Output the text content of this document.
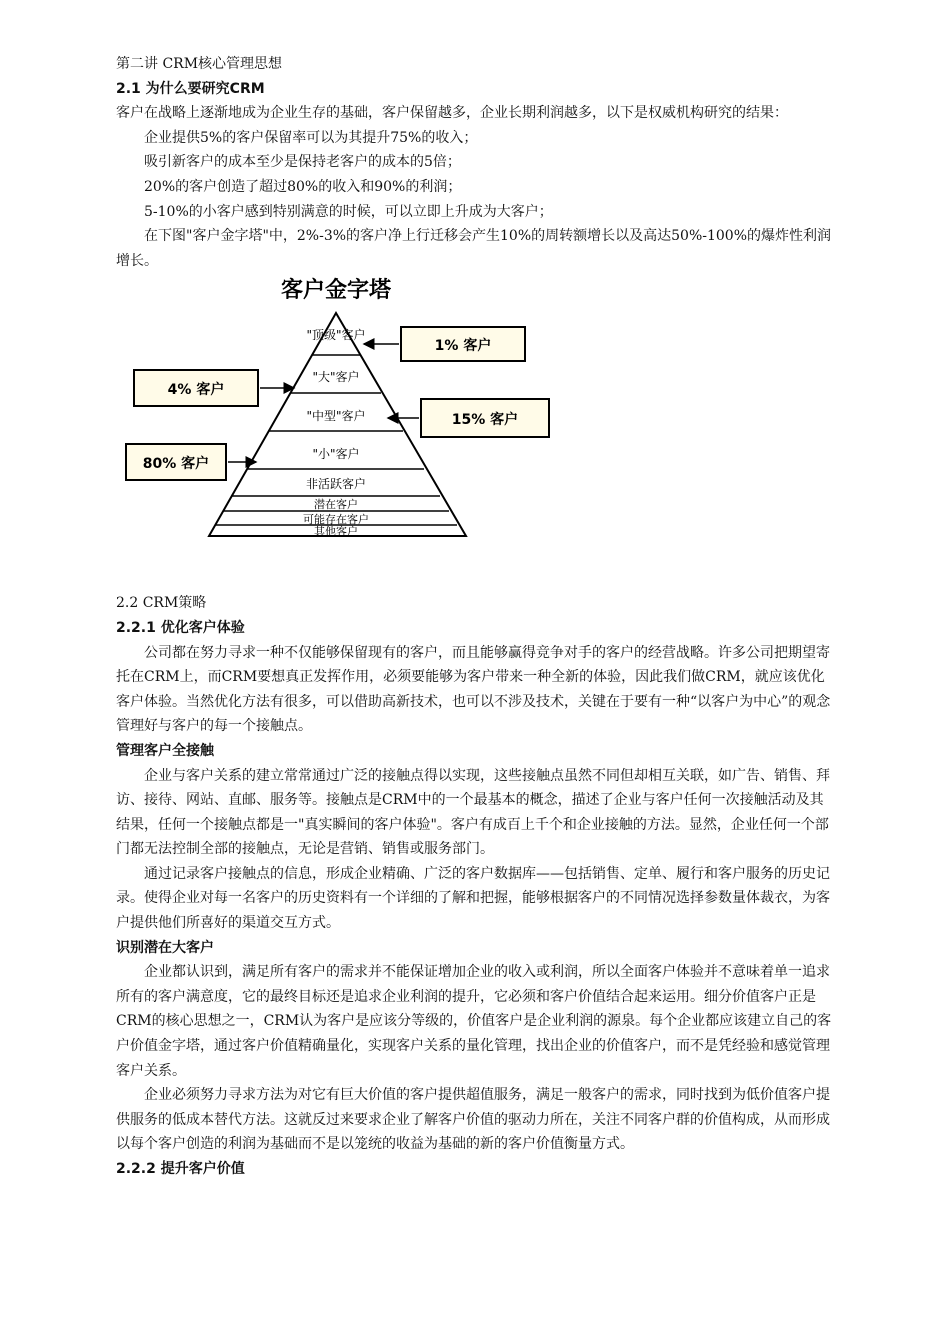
第二讲 CRM核心管理思想
2.1 为什么要研究CRM

客户在战略上逐渐地成为企业生存的基础，客户保留越多，企业长期利润越多，以下是权威机构研究的结果：

企业提供5%的客户保留率可以为其提升75%的收入；
吸引新客户的成本至少是保持老客户的成本的5倍；
20%的客户创造了超过80%的收入和90%的利润；
5-10%的小客户感到特别满意的时候，可以立即上升成为大客户；

在下图"客户金字塔"中，2%-3%的客户净上行迁移会产生10%的周转额增长以及高达50%-100%的爆炸性利润增长。

客户金字塔
"顶级"客户
"大"客户
"中型"客户
"小"客户
非活跃客户
潜在客户
可能存在客户
其他客户
1% 客户
4% 客户
15% 客户
80% 客户
2.2 CRM策略
2.2.1 优化客户体验

公司都在努力寻求一种不仅能够保留现有的客户，而且能够赢得竞争对手的客户的经营战略。许多公司把期望寄托在CRM上，而CRM要想真正发挥作用，必须要能够为客户带来一种全新的体验，因此我们做CRM，就应该优化客户体验。当然优化方法有很多，可以借助高新技术，也可以不涉及技术，关键在于要有一种“以客户为中心”的观念管理好与客户的每一个接触点。

管理客户全接触

企业与客户关系的建立常常通过广泛的接触点得以实现，这些接触点虽然不同但却相互关联，如广告、销售、拜访、接待、网站、直邮、服务等。接触点是CRM中的一个最基本的概念，描述了企业与客户任何一次接触活动及其结果，任何一个接触点都是一"真实瞬间的客户体验"。客户有成百上千个和企业接触的方法。显然，企业任何一个部门都无法控制全部的接触点，无论是营销、销售或服务部门。

通过记录客户接触点的信息，形成企业精确、广泛的客户数据库——包括销售、定单、履行和客户服务的历史记录。使得企业对每一名客户的历史资料有一个详细的了解和把握，能够根据客户的不同情况选择参数量体裁衣，为客户提供他们所喜好的渠道交互方式。

识别潜在大客户

企业都认识到，满足所有客户的需求并不能保证增加企业的收入或利润，所以全面客户体验并不意味着单一追求所有的客户满意度，它的最终目标还是追求企业利润的提升，它必须和客户价值结合起来运用。细分价值客户正是CRM的核心思想之一，CRM认为客户是应该分等级的，价值客户是企业利润的源泉。每个企业都应该建立自己的客户价值金字塔，通过客户价值精确量化，实现客户关系的量化管理，找出企业的价值客户，而不是凭经验和感觉管理客户关系。

企业必须努力寻求方法为对它有巨大价值的客户提供超值服务，满足一般客户的需求，同时找到为低价值客户提供服务的低成本替代方法。这就反过来要求企业了解客户价值的驱动力所在，关注不同客户群的价值构成，从而形成以每个客户创造的利润为基础而不是以笼统的收益为基础的新的客户价值衡量方式。

2.2.2 提升客户价值
